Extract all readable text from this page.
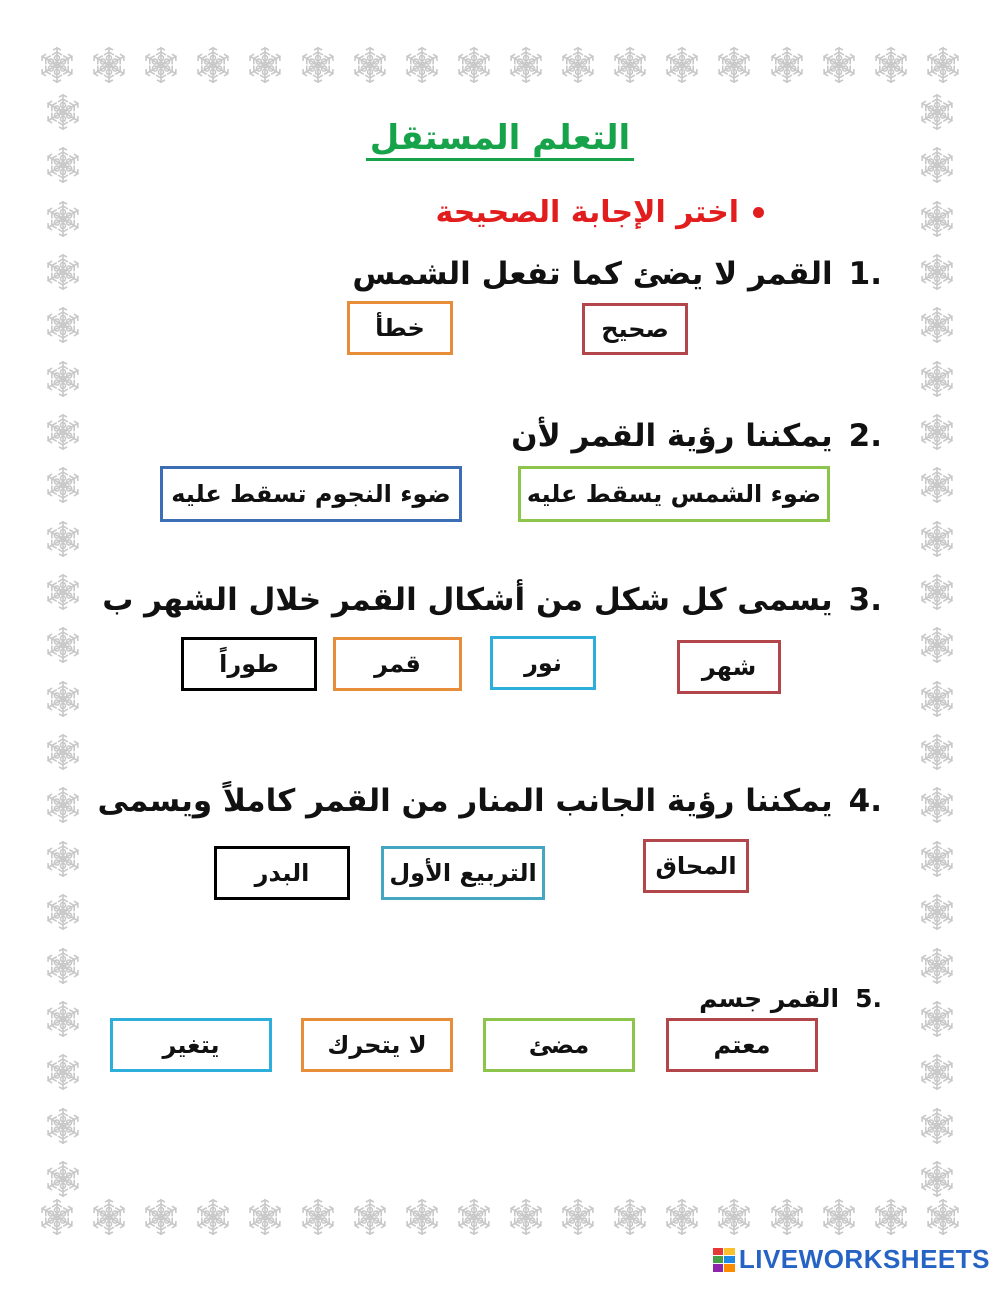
التعلم المستقل
اختر الإجابة الصحيحة
1.
القمر لا يضئ كما تفعل الشمس
صحيح
خطأ
2.
يمكننا رؤية القمر لأن
ضوء الشمس يسقط عليه
ضوء النجوم تسقط عليه
3.
يسمى كل شكل من أشكال القمر خلال الشهر ب
شهر
نور
قمر
طوراً
4.
يمكننا رؤية الجانب المنار من القمر كاملاً ويسمى
المحاق
التربيع الأول
البدر
5.
القمر جسم
معتم
مضئ
لا يتحرك
يتغير
LIVEWORKSHEETS
